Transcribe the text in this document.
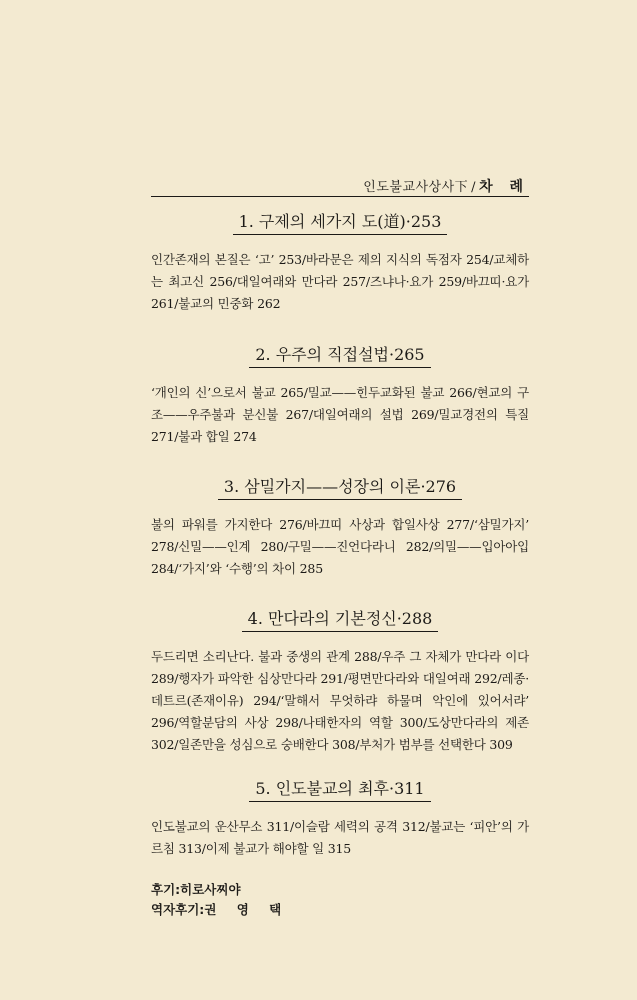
인도불교사상사下 / 차 례
1. 구제의 세가지 도(道)·253
인간존재의 본질은 ‘고’ 253/바라문은 제의 지식의 독점자 254/교체하는 최고신 256/대일여래와 만다라 257/즈냐나·요가 259/바끄띠·요가 261/불교의 민중화 262
2. 우주의 직접설법·265
‘개인의 신’으로서 불교 265/밀교——힌두교화된 불교 266/현교의 구조——우주불과 분신불 267/대일여래의 설법 269/밀교경전의 특질 271/불과 합일 274
3. 삼밀가지——성장의 이론·276
불의 파워를 가지한다 276/바끄띠 사상과 합일사상 277/‘삼밀가지’ 278/신밀——인계 280/구밀——진언다라니 282/의밀——입아아입 284/‘가지’와 ‘수행’의 차이 285
4. 만다라의 기본정신·288
두드리면 소리난다. 불과 중생의 관계 288/우주 그 자체가 만다라 이다 289/행자가 파악한 심상만다라 291/평면만다라와 대일여래 292/레종·데트르(존재이유) 294/‘말해서 무엇하랴 하물며 악인에 있어서랴’ 296/역할분담의 사상 298/나태한자의 역할 300/도상만다라의 제존 302/일존만을 성심으로 숭배한다 308/부처가 범부를 선택한다 309
5. 인도불교의 최후·311
인도불교의 운산무소 311/이슬람 세력의 공격 312/불교는 ‘피안’의 가르침 313/이제 불교가 해야할 일 315
후기:히로사찌야
역자후기:권 영 택
